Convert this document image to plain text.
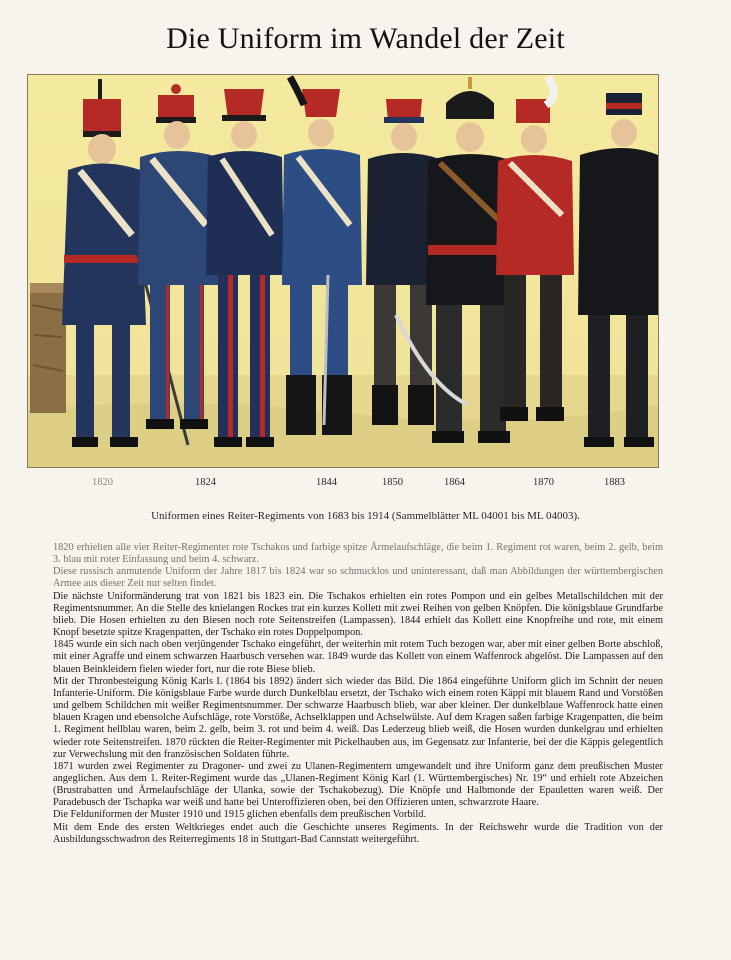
Die Uniform im Wandel der Zeit
1820	1824	1844	1850	1864	1870	1883
Uniformen eines Reiter-Regiments von 1683 bis 1914 (Sammelblätter ML 04001 bis ML 04003).

1820 erhielten alle vier Reiter-Regimenter rote Tschakos und farbige spitze Ärmelaufschläge, die beim 1. Regiment rot waren, beim 2. gelb, beim 3. blau mit roter Einfassung und beim 4. schwarz.

Diese russisch anmutende Uniform der Jahre 1817 bis 1824 war so schmucklos und uninteressant, daß man Abbildungen der württembergischen Armee aus dieser Zeit nur selten findet.

Die nächste Uniformänderung trat von 1821 bis 1823 ein. Die Tschakos erhielten ein rotes Pompon und ein gelbes Metallschildchen mit der Regimentsnummer. An die Stelle des knielangen Rockes trat ein kurzes Kollett mit zwei Reihen von gelben Knöpfen. Die königsblaue Grundfarbe blieb. Die Hosen erhielten zu den Biesen noch rote Seitenstreifen (Lampassen). 1844 erhielt das Kollett eine Knopfreihe und rote, mit einem Knopf besetzte spitze Kragenpatten, der Tschako ein rotes Doppelpompon.

1845 wurde ein sich nach oben verjüngender Tschako eingeführt, der weiterhin mit rotem Tuch bezogen war, aber mit einer gelben Borte abschloß, mit einer Agraffe und einem schwarzen Haarbusch versehen war. 1849 wurde das Kollett von einem Waffenrock abgelöst. Die Lampassen auf den blauen Beinkleidern fielen wieder fort, nur die rote Biese blieb.

Mit der Thronbesteigung König Karls I. (1864 bis 1892) ändert sich wieder das Bild. Die 1864 eingeführte Uniform glich im Schnitt der neuen Infanterie-Uniform. Die königsblaue Farbe wurde durch Dunkelblau ersetzt, der Tschako wich einem roten Käppi mit blauem Rand und Vorstößen und gelbem Schildchen mit weißer Regimentsnummer. Der schwarze Haarbusch blieb, war aber kleiner. Der dunkelblaue Waffenrock hatte einen blauen Kragen und ebensolche Aufschläge, rote Vorstöße, Achselklappen und Achselwülste. Auf dem Kragen saßen farbige Kragenpatten, die beim 1. Regiment hellblau waren, beim 2. gelb, beim 3. rot und beim 4. weiß. Das Lederzeug blieb weiß, die Hosen wurden dunkelgrau und erhielten wieder rote Seitenstreifen. 1870 rückten die Reiter-Regimenter mit Pickelhauben aus, im Gegensatz zur Infanterie, bei der die Käppis gelegentlich zur Verwechslung mit den französischen Soldaten führte.

1871 wurden zwei Regimenter zu Dragoner- und zwei zu Ulanen-Regimentern umgewandelt und ihre Uniform ganz dem preußischen Muster angeglichen. Aus dem 1. Reiter-Regiment wurde das „Ulanen-Regiment König Karl (1. Württembergisches) Nr. 19“ und erhielt rote Abzeichen (Brustrabatten und Ärmelaufschläge der Ulanka, sowie der Tschakobezug). Die Knöpfe und Halbmonde der Epauletten waren weiß. Der Paradebusch der Tschapka war weiß und hatte bei Unteroffizieren oben, bei den Offizieren unten, schwarzrote Haare.

Die Felduniformen der Muster 1910 und 1915 glichen ebenfalls dem preußischen Vorbild.

Mit dem Ende des ersten Weltkrieges endet auch die Geschichte unseres Regiments. In der Reichswehr wurde die Tradition von der Ausbildungsschwadron des Reiterregiments 18 in Stuttgart-Bad Cannstatt weitergeführt.
